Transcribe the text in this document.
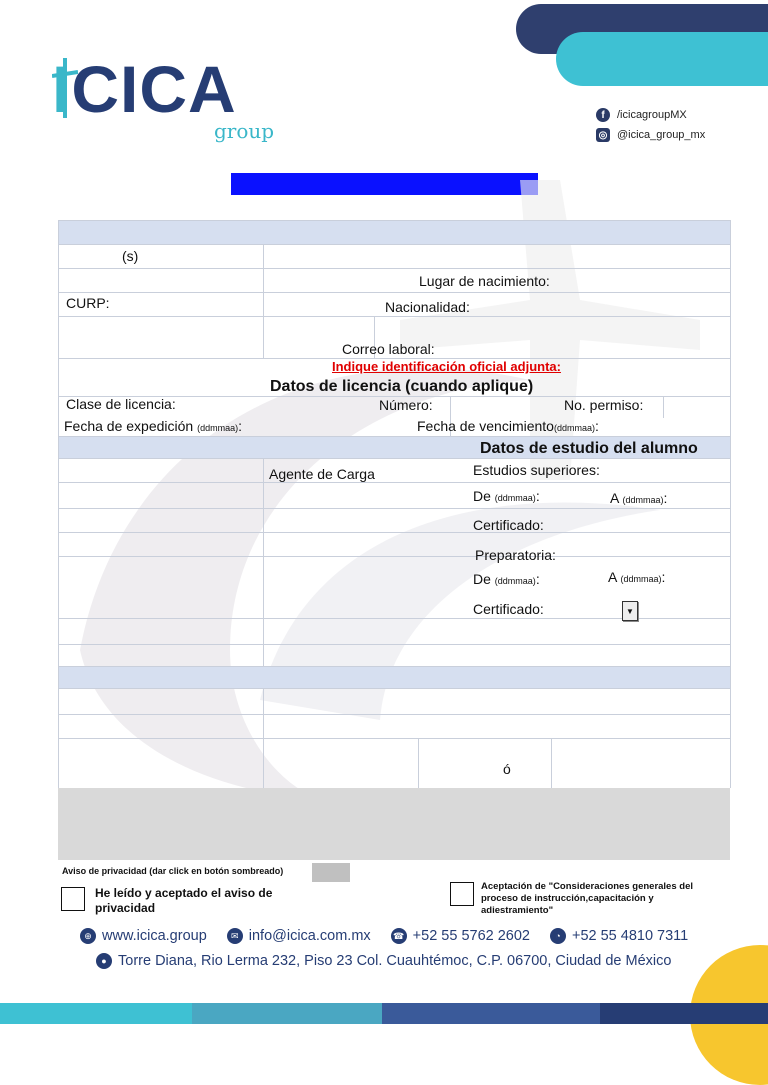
ICICA
group
f	/icicagroupMX
◎ @icica_group_mx
(s)
Lugar de nacimiento:
CURP:	Nacionalidad:
Correo laboral:
Indique identificación oficial adjunta:
Datos de licencia (cuando aplique)
Clase de licencia:	Número:	No. permiso:
Fecha de expedición (ddmmaa):	Fecha de vencimiento(ddmmaa):
Datos de estudio del alumno
Agente de Carga	Estudios superiores:
De (ddmmaa):	A (ddmmaa):
Certificado:
Preparatoria:
De (ddmmaa):	A (ddmmaa):
Certificado:	▼
ó
Aviso de privacidad (dar click en botón sombreado)
He leído y aceptado el aviso de privacidad
Aceptación de "Consideraciones generales del proceso de instrucción,capacitación y adiestramiento"
⊕ www.icica.group	✉ info@icica.com.mx ☎ +52 55 5762 2602	◔ +52 55 4810 7311
● Torre Diana, Rio Lerma 232, Piso 23 Col. Cuauhtémoc, C.P. 06700, Ciudad de México
